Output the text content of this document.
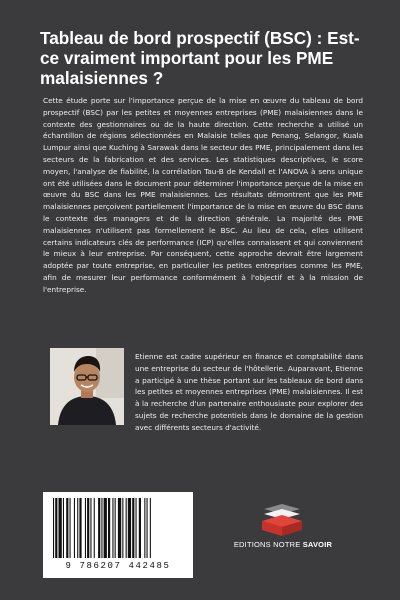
Tableau de bord prospectif (BSC) : Est-ce vraiment important pour les PME malaisiennes ?

Cette étude porte sur l'importance perçue de la mise en œuvre du tableau de bord prospectif (BSC) par les petites et moyennes entreprises (PME) malaisiennes dans le contexte des gestionnaires ou de la haute direction. Cette recherche a utilisé un échantillon de régions sélectionnées en Malaisie telles que Penang, Selangor, Kuala Lumpur ainsi que Kuching à Sarawak dans le secteur des PME, principalement dans les secteurs de la fabrication et des services. Les statistiques descriptives, le score moyen, l'analyse de fiabilité, la corrélation Tau-B de Kendall et l'ANOVA à sens unique ont été utilisées dans le document pour déterminer l'importance perçue de la mise en œuvre du BSC dans les PME malaisiennes. Les résultats démontrent que les PME malaisiennes perçoivent partiellement l'importance de la mise en œuvre du BSC dans le contexte des managers et de la direction générale. La majorité des PME malaisiennes n'utilisent pas formellement le BSC. Au lieu de cela, elles utilisent certains indicateurs clés de performance (ICP) qu'elles connaissent et qui conviennent le mieux à leur entreprise. Par conséquent, cette approche devrait être largement adoptée par toute entreprise, en particulier les petites entreprises comme les PME, afin de mesurer leur performance conformément à l'objectif et à la mission de l'entreprise.

Etienne est cadre supérieur en finance et comptabilité dans une entreprise du secteur de l'hôtellerie. Auparavant, Etienne a participé à une thèse portant sur les tableaux de bord dans les petites et moyennes entreprises (PME) malaisiennes. Il est à la recherche d'un partenaire enthousiaste pour explorer des sujets de recherche potentiels dans le domaine de la gestion avec différents secteurs d'activité.

9 786207 442485

EDITIONS NOTRE SAVOIR
